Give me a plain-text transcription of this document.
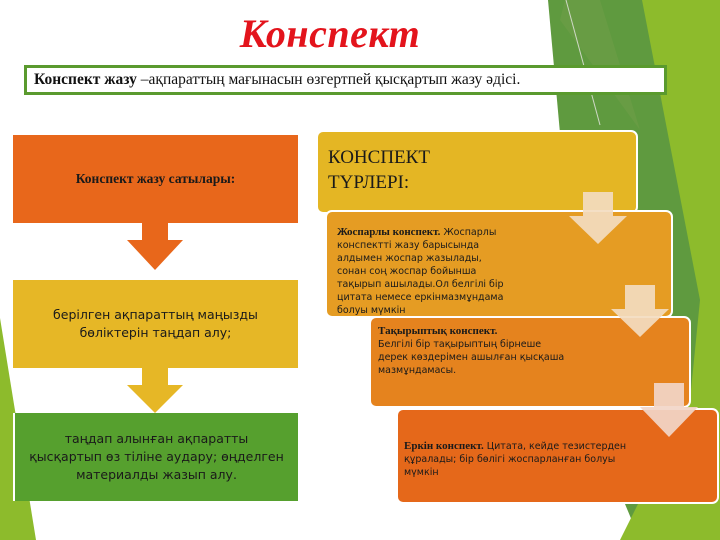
Конспект
Конспект жазу –ақпараттың мағынасын өзгертпей қысқартып жазу әдісі.
Конспект жазу сатылары:
берілген ақпараттың маңызды бөліктерін таңдап алу;
таңдап алынған ақпаратты қысқартып өз тіліне аудару; өңделген материалды жазып алу.
КОНСПЕКТ
ТҮРЛЕРІ:
Жоспарлы конспект. Жоспарлы конспектті жазу барысында алдымен жоспар жазылады, сонан соң жоспар бойынша тақырып ашылады.Ол белгілі бір цитата немесе еркінмазмұндама болуы мүмкін
Тақырыптық конспект.
Белгілі бір тақырыптың бірнеше дерек көздерімен ашылған қысқаша мазмұндамасы.
Еркін конспект. Цитата, кейде тезистерден құралады; бір бөлігі жоспарланған болуы мүмкін
